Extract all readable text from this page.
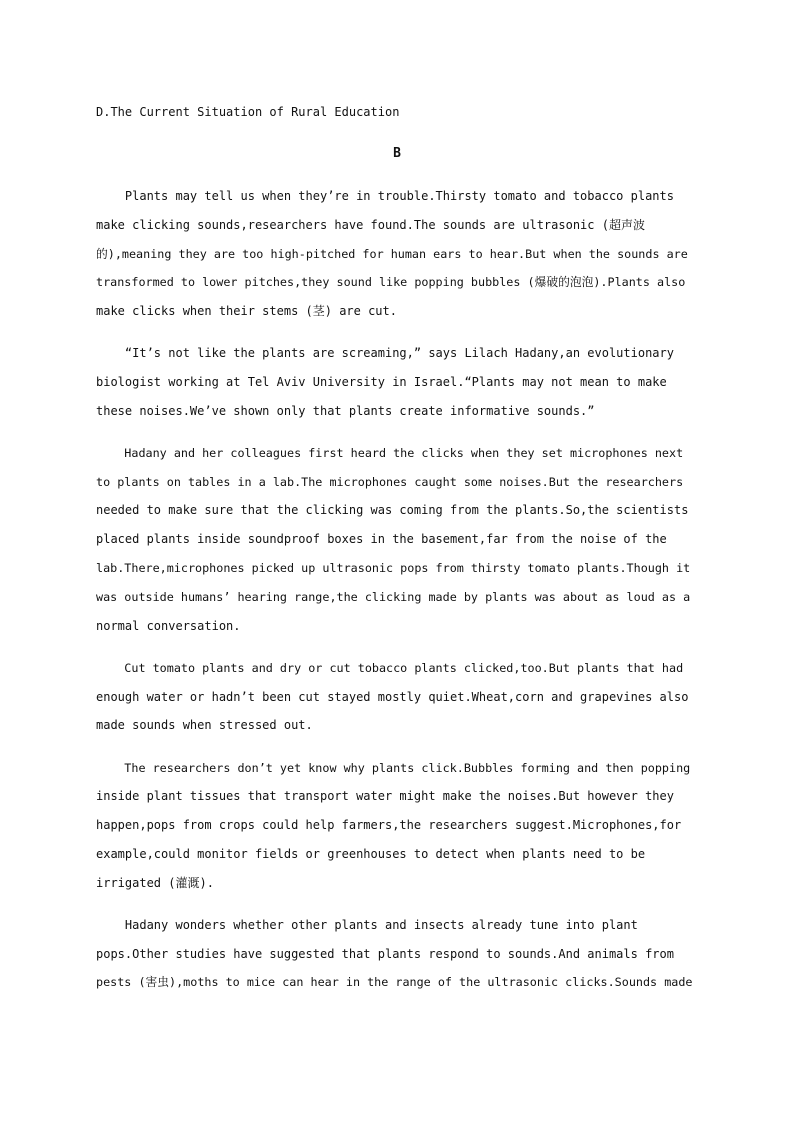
D.The Current Situation of Rural Education
B
Plants may tell us when they’re in trouble.Thirsty tomato and tobacco plants
make clicking sounds,researchers have found.The sounds are ultrasonic (超声波
的),meaning they are too high-pitched for human ears to hear.But when the sounds are
transformed to lower pitches,they sound like popping bubbles (爆破的泡泡).Plants also
make clicks when their stems (茎) are cut.
“It’s not like the plants are screaming,” says Lilach Hadany,an evolutionary
biologist working at Tel Aviv University in Israel.“Plants may not mean to make
these noises.We’ve shown only that plants create informative sounds.”
Hadany and her colleagues first heard the clicks when they set microphones next
to plants on tables in a lab.The microphones caught some noises.But the researchers
needed to make sure that the clicking was coming from the plants.So,the scientists
placed plants inside soundproof boxes in the basement,far from the noise of the
lab.There,microphones picked up ultrasonic pops from thirsty tomato plants.Though it
was outside humans’ hearing range,the clicking made by plants was about as loud as a
normal conversation.
Cut tomato plants and dry or cut tobacco plants clicked,too.But plants that had
enough water or hadn’t been cut stayed mostly quiet.Wheat,corn and grapevines also
made sounds when stressed out.
The researchers don’t yet know why plants click.Bubbles forming and then popping
inside plant tissues that transport water might make the noises.But however they
happen,pops from crops could help farmers,the researchers suggest.Microphones,for
example,could monitor fields or greenhouses to detect when plants need to be
irrigated (灌溉).
Hadany wonders whether other plants and insects already tune into plant
pops.Other studies have suggested that plants respond to sounds.And animals from
pests (害虫),moths to mice can hear in the range of the ultrasonic clicks.Sounds made
